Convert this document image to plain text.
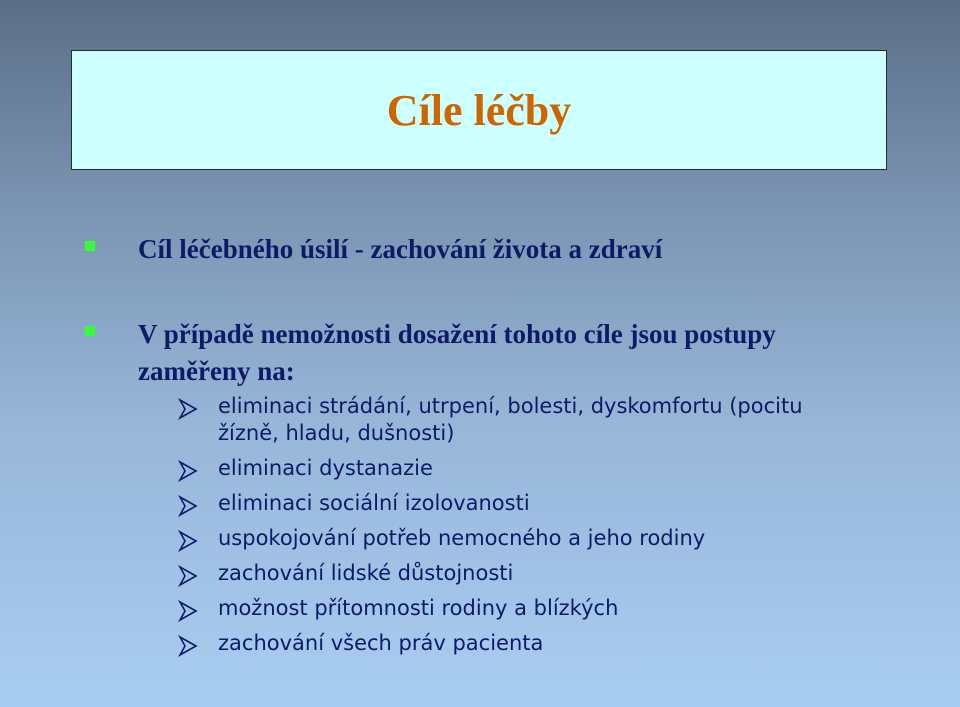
Cíle léčby
Cíl léčebného úsilí - zachování života a zdraví
V případě nemožnosti dosažení tohoto cíle jsou postupy zaměřeny na:
eliminaci strádání, utrpení, bolesti, dyskomfortu (pocitu žízně, hladu, dušnosti)
eliminaci dystanazie
eliminaci sociální izolovanosti
uspokojování potřeb nemocného a jeho rodiny
zachování lidské důstojnosti
možnost přítomnosti rodiny a blízkých
zachování všech práv pacienta
